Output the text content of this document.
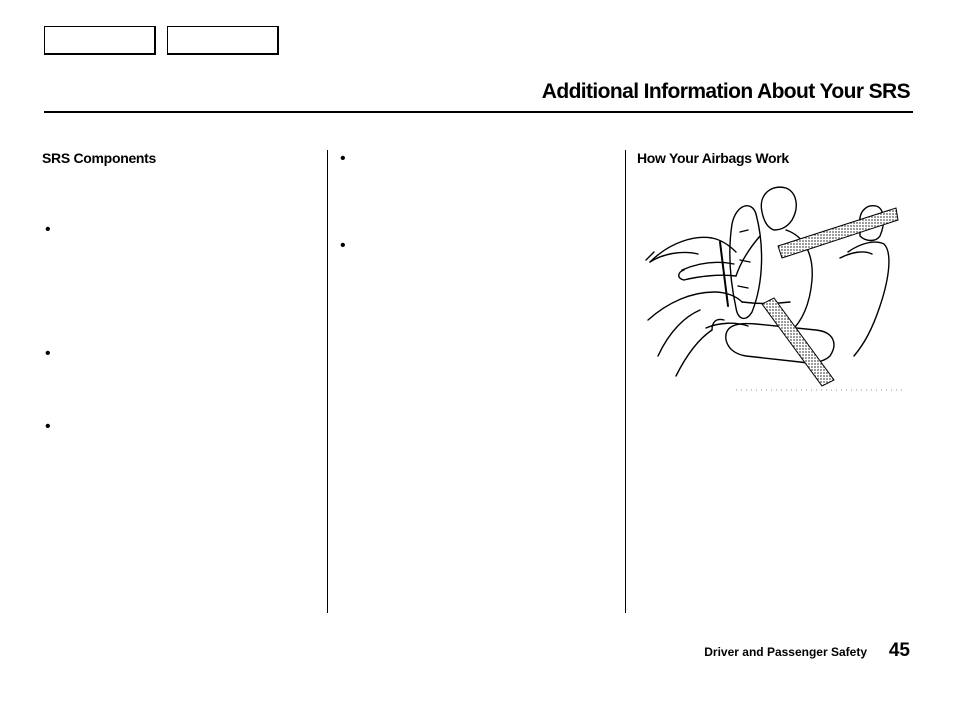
Additional Information About Your SRS
SRS Components
•
•
•
•
•
How Your Airbags Work
Driver and Passenger Safety 45
